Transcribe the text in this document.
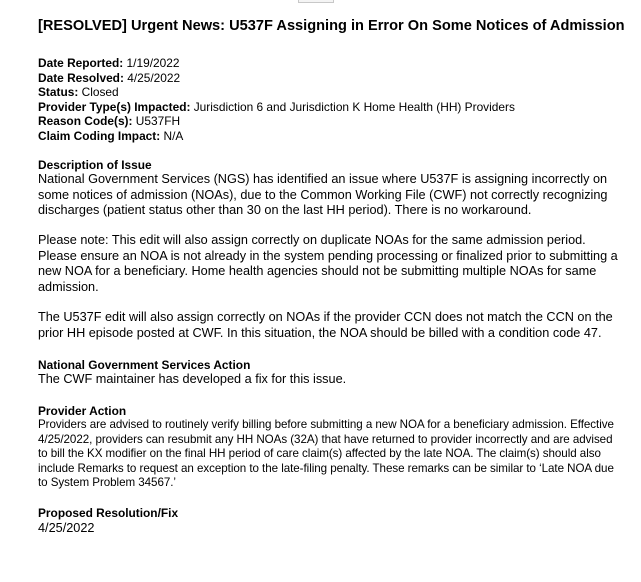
[RESOLVED] Urgent News: U537F Assigning in Error On Some Notices of Admission
Date Reported: 1/19/2022
Date Resolved: 4/25/2022
Status: Closed
Provider Type(s) Impacted: Jurisdiction 6 and Jurisdiction K Home Health (HH) Providers
Reason Code(s): U537FH
Claim Coding Impact: N/A
Description of Issue
National Government Services (NGS) has identified an issue where U537F is assigning incorrectly on some notices of admission (NOAs), due to the Common Working File (CWF) not correctly recognizing discharges (patient status other than 30 on the last HH period). There is no workaround.
Please note: This edit will also assign correctly on duplicate NOAs for the same admission period. Please ensure an NOA is not already in the system pending processing or finalized prior to submitting a new NOA for a beneficiary. Home health agencies should not be submitting multiple NOAs for same admission.
The U537F edit will also assign correctly on NOAs if the provider CCN does not match the CCN on the prior HH episode posted at CWF. In this situation, the NOA should be billed with a condition code 47.
National Government Services Action
The CWF maintainer has developed a fix for this issue.
Provider Action
Providers are advised to routinely verify billing before submitting a new NOA for a beneficiary admission. Effective 4/25/2022, providers can resubmit any HH NOAs (32A) that have returned to provider incorrectly and are advised to bill the KX modifier on the final HH period of care claim(s) affected by the late NOA. The claim(s) should also include Remarks to request an exception to the late-filing penalty. These remarks can be similar to ‘Late NOA due to System Problem 34567.’
Proposed Resolution/Fix
4/25/2022
